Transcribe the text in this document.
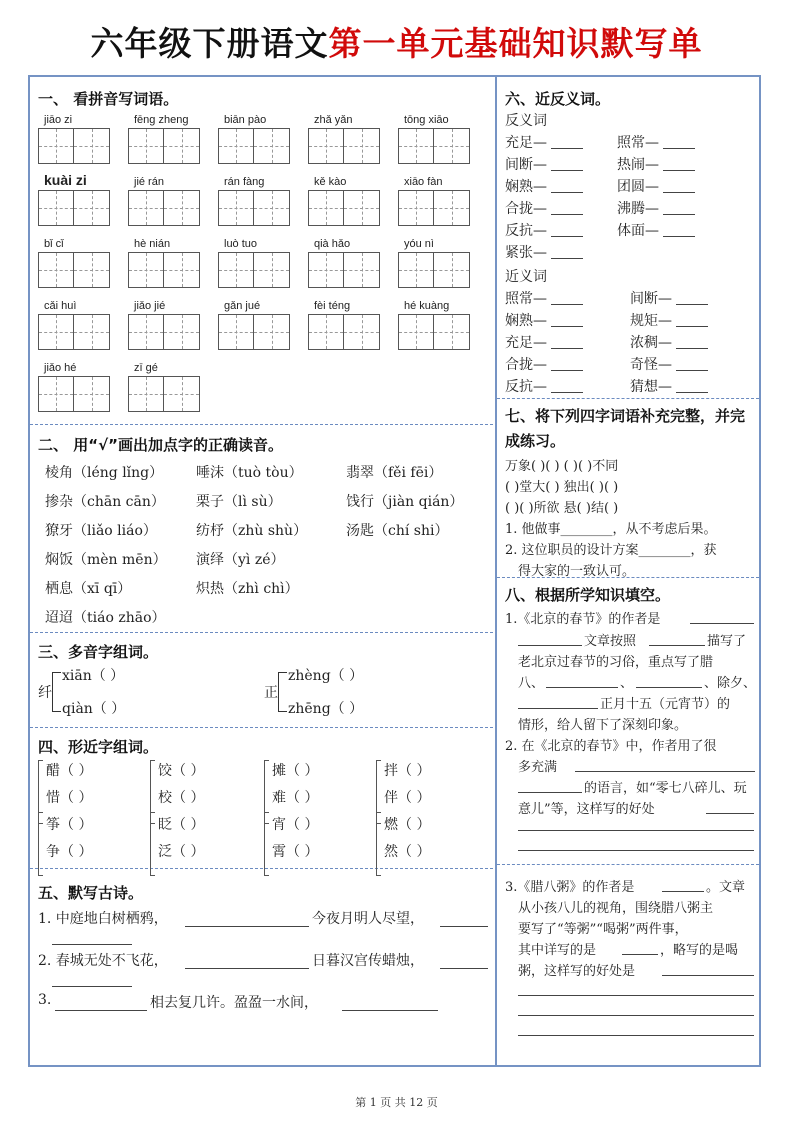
六年级下册语文第一单元基础知识默写单
一、 看拼音写词语。
jiāo zi	fēng zheng	biān pào	zhǎ yǎn	tōng xiāo
kuài zi	jié rán	rán fàng	kě kào	xiāo fàn
bǐ cǐ	hè nián	luò tuo	qià hǎo	yóu nì
cǎi huì	jiǎo jié	gǎn jué	fèi téng	hé kuàng
jiǎo hé	zī gé
二、 用“√”画出加点字的正确读音。
棱角（léng lǐng） 唾沫（tuò tòu）	翡翠（fěi fēi）
掺杂（chān cān） 栗子（lì sù）	饯行（jiàn qián）
獠牙（liǎo liáo）	纺杼（zhù shù）	汤匙（chí shi）
焖饭（mèn mēn） 演绎（yì zé）
栖息（xī qī）	炽热（zhì chì）
迢迢（tiáo zhāo）
三、多音字组词。
纤
xiān（ ）
qiàn（ ）
正
zhèng（ ）
zhēng（ ）
四、形近字组词。
醋（ ）
惜（ ）
筝（ ）
争（ ）
饺（ ）
校（ ）
眨（ ）
泛（ ）
摊（ ）
难（ ）
宵（ ）
霄（ ）
拌（ ）
伴（ ）
燃（ ）
然（ ）
五、默写古诗。
1. 中庭地白树栖鸦，	今夜月明人尽望，
2. 春城无处不飞花，	日暮汉宫传蜡烛，
3.	相去复几许。盈盈一水间，
六、近反义词。
反义词
充足—	照常—
间断—	热闹—
娴熟—	团圆—
合拢—	沸腾—
反抗—	体面—
紧张—
近义词
照常—	间断—
娴熟—	规矩—
充足—	浓稠—
合拢—	奇怪—
反抗—	猜想—
七、将下列四字词语补充完整，并完
成练习。
万象( )( ) ( )( )不同
( )堂大( ) 独出( )( )
( )( )所欲 悬( )结( )
1. 他做事________，从不考虑后果。
2. 这位职员的设计方案________，获
得大家的一致认可。
八、根据所学知识填空。
1.《北京的春节》的作者是
文章按照	描写了
老北京过春节的习俗，重点写了腊
八、	、	、除夕、
正月十五（元宵节）的
情形，给人留下了深刻印象。
2. 在《北京的春节》中，作者用了很
多充满
的语言，如“零七八碎儿、玩
意儿”等，这样写的好处
3.《腊八粥》的作者是	。文章
从小孩八儿的视角，围绕腊八粥主
要写了“等粥”“喝粥”两件事，
其中详写的是	，略写的是喝
粥，这样写的好处是
第 1 页 共 12 页
